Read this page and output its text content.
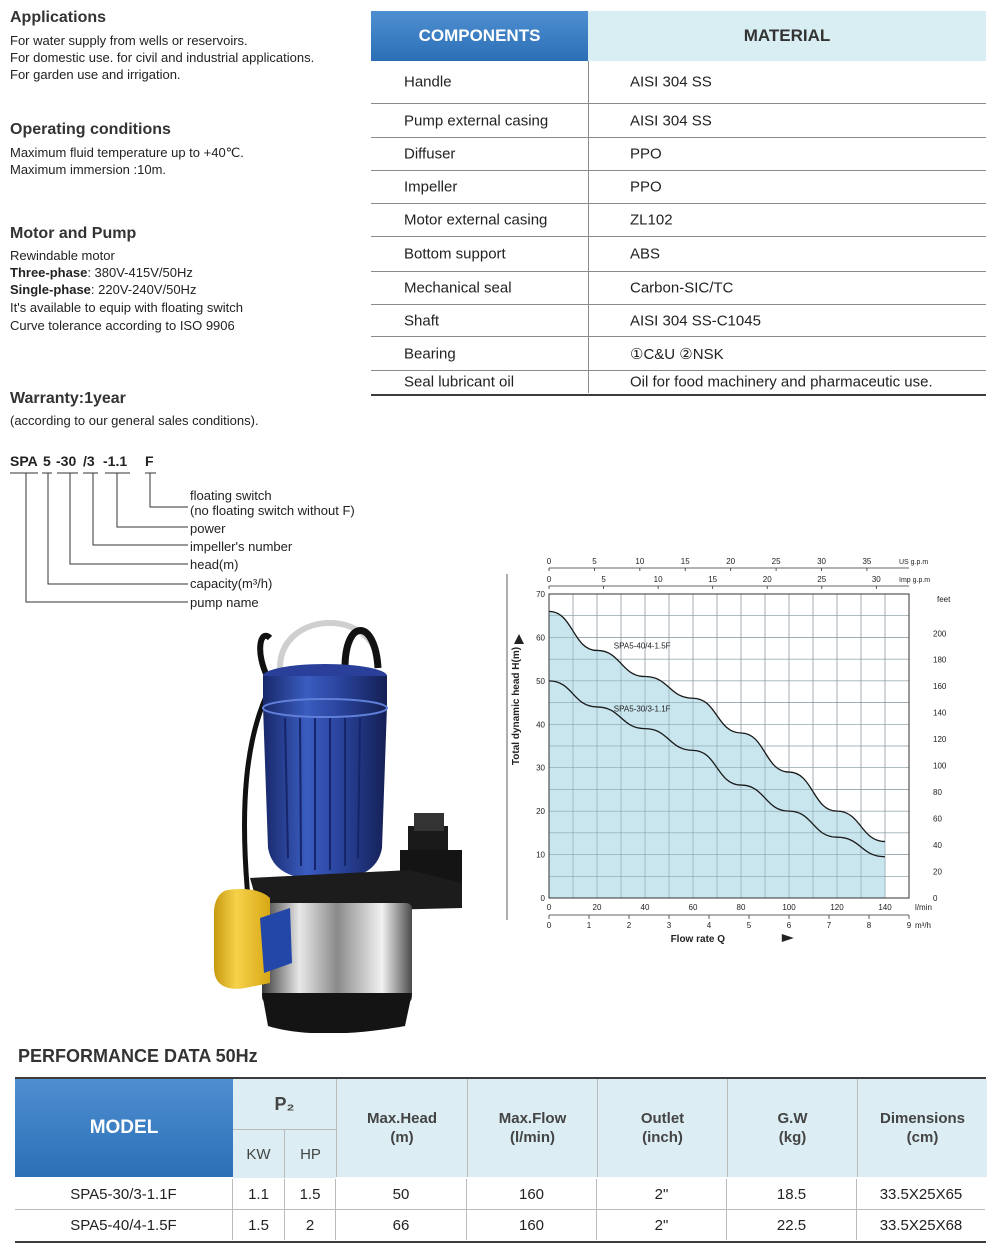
Applications
For water supply from wells or reservoirs.
For domestic use. for civil and industrial applications.
For garden use and irrigation.
Operating conditions
Maximum fluid temperature up to +40℃.
Maximum immersion :10m.
Motor and Pump
Rewindable motor
Three-phase: 380V-415V/50Hz
Single-phase: 220V-240V/50Hz
It's available to equip with floating switch
Curve tolerance according to ISO 9906
Warranty:1year
(according to our general sales conditions).
SPA 5 -30 /3 -1.1 F
floating switch
(no floating switch without F)
power
impeller's number
head(m)
capacity(m³/h)
pump name
COMPONENTS	MATERIAL
Handle	AISI 304 SS
Pump external casing	AISI 304 SS
Diffuser	PPO
Impeller	PPO
Motor external casing	ZL102
Bottom support	ABS
Mechanical seal	Carbon-SIC/TC
Shaft	AISI 304 SS-C1045
Bearing	①C&U ②NSK
Seal lubricant oil	Oil for food machinery and pharmaceutic use.
SPA5-40/4-1.5F
SPA5-30/3-1.1F
0
10
20
30
40
50
60
70
0
20
40
60
80
100
120
140
160
180
200
feet
Total dynamic head H(m)
0	20	40	60	80	100	120	140	l/min
0	1	2	3	4	5	6	7	8	9 m³/h
Flow rate Q
0	5	10	15	20	25	30	35	US g.p.m
0	5	10	15	20	25	30	Imp g.p.m
PERFORMANCE DATA 50Hz
MODEL
P₂
KW	HP
Max.Head
(m)
Max.Flow
(l/min)
Outlet
(inch)
G.W
(kg)
Dimensions
(cm)
SPA5-30/3-1.1F	1.1	1.5	50	160	2"	18.5	33.5X25X65
SPA5-40/4-1.5F	1.5	2	66	160	2"	22.5	33.5X25X68
